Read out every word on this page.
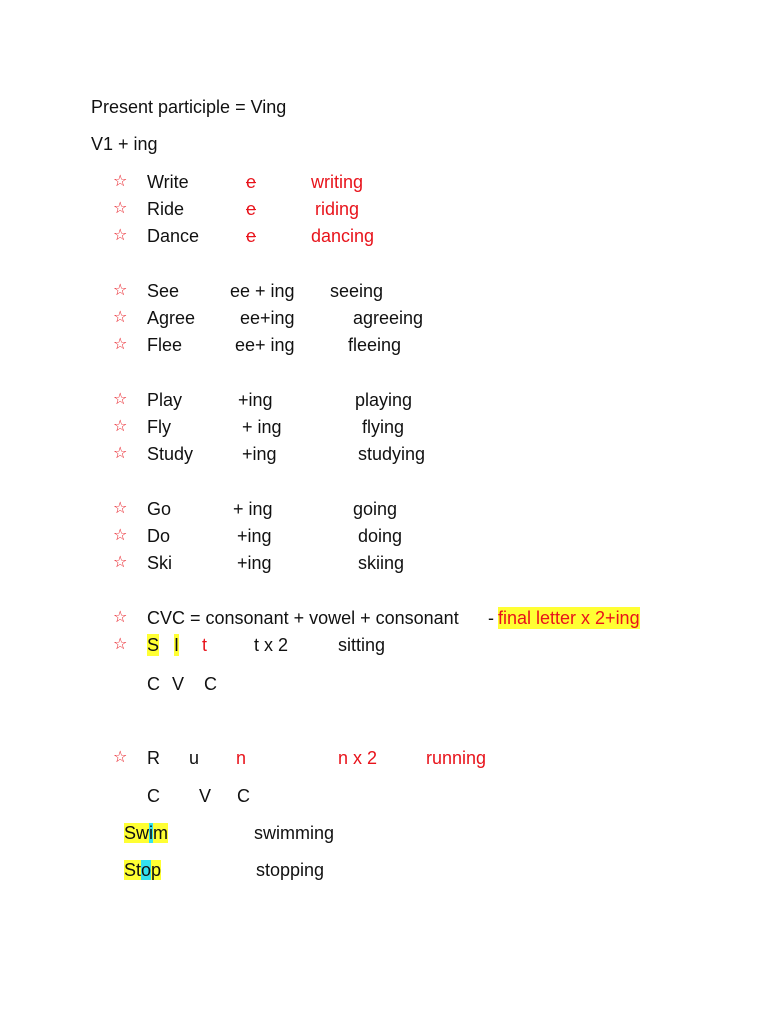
Present participle = Ving
V1 + ing
☆ Write	e	writing
☆ Ride	e	riding
☆ Dance	e	dancing
☆ See	ee + ing seeing
☆ Agree ee+ing	agreeing
☆ Flee	ee+ ing	fleeing
☆ Play	+ing	playing
☆ Fly	+ ing	flying
☆ Study	+ing	studying
☆ Go	+ ing	going
☆ Do	+ing	doing
☆ Ski	+ing	skiing
☆ CVC = consonant + vowel + consonant - final letter x 2+ing
☆ S I t	t x 2	sitting
C V C
☆ R u n	n x 2	running
C V C
Swim	swimming
Stop	stopping
